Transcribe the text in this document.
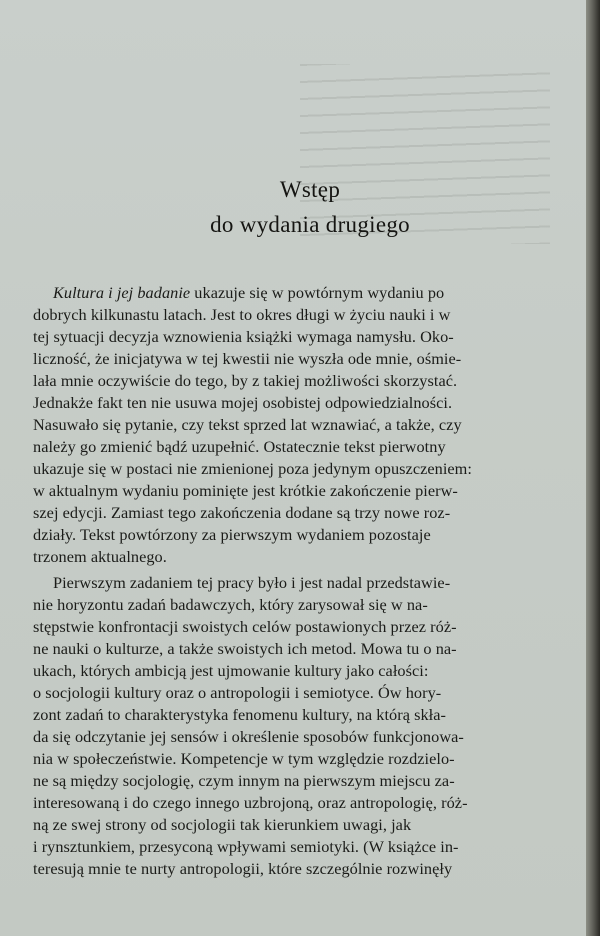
Wstęp
do wydania drugiego
Kultura i jej badanie ukazuje się w powtórnym wydaniu po
dobrych kilkunastu latach. Jest to okres długi w życiu nauki i w
tej sytuacji decyzja wznowienia książki wymaga namysłu. Oko-
liczność, że inicjatywa w tej kwestii nie wyszła ode mnie, ośmie-
lała mnie oczywiście do tego, by z takiej możliwości skorzystać.
Jednakże fakt ten nie usuwa mojej osobistej odpowiedzialności.
Nasuwało się pytanie, czy tekst sprzed lat wznawiać, a także, czy
należy go zmienić bądź uzupełnić. Ostatecznie tekst pierwotny
ukazuje się w postaci nie zmienionej poza jedynym opuszczeniem:
w aktualnym wydaniu pominięte jest krótkie zakończenie pierw-
szej edycji. Zamiast tego zakończenia dodane są trzy nowe roz-
działy. Tekst powtórzony za pierwszym wydaniem pozostaje
trzonem aktualnego.
Pierwszym zadaniem tej pracy było i jest nadal przedstawie-
nie horyzontu zadań badawczych, który zarysował się w na-
stępstwie konfrontacji swoistych celów postawionych przez róż-
ne nauki o kulturze, a także swoistych ich metod. Mowa tu o na-
ukach, których ambicją jest ujmowanie kultury jako całości:
o socjologii kultury oraz o antropologii i semiotyce. Ów hory-
zont zadań to charakterystyka fenomenu kultury, na którą skła-
da się odczytanie jej sensów i określenie sposobów funkcjonowa-
nia w społeczeństwie. Kompetencje w tym względzie rozdzielo-
ne są między socjologię, czym innym na pierwszym miejscu za-
interesowaną i do czego innego uzbrojoną, oraz antropologię, róż-
ną ze swej strony od socjologii tak kierunkiem uwagi, jak
i rynsztunkiem, przesyconą wpływami semiotyki. (W książce in-
teresują mnie te nurty antropologii, które szczególnie rozwinęły
